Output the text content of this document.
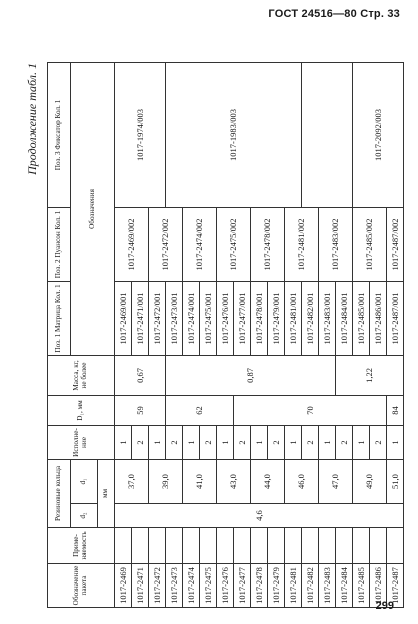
ГОСТ 24516—80 Стр. 33
Продолжение табл. 1
Обозначение пакета	Приме- няемость	Резиновые кольца		Исполне- ние	D₁, мм	Масса, кг, не более	Поз. 1 Матрица Кол. 1	Поз. 2 Пуансон Кол. 1	Поз. 3 Фиксатор Кол. 1	
		d₂	d₁				Обозначения			
		мм								
1017-2469		4,6	37,0	1	59	0,67	1017-2469/001	1017-2469/002	1017-1974/003	
1017-2471				2			1017-2471/001			
1017-2472			39,0	1			1017-2472/001	1017-2472/002		
1017-2473				2	62	0,87	1017-2473/001		1017-1983/003	
1017-2474			41,0	1			1017-2474/001	1017-2474/002		
1017-2475				2			1017-2475/001			
1017-2476			43,0	1			1017-2476/001	1017-2475/002		
1017-2477				2	70		1017-2477/001			
1017-2478			44,0	1			1017-2478/001	1017-2478/002		
1017-2479				2			1017-2479/001			
1017-2481			46,0	1			1017-2481/001	1017-2481/002	
1017-2482				2			1017-2482/001			
1017-2483			47,0	1			1017-2483/001	1017-2483/002		
1017-2484				2		1,22	1017-2484/001			
1017-2485			49,0	1			1017-2485/001	1017-2485/002	1017-2092/003	
1017-2486				2			1017-2486/001			
1017-2487			51,0	1	84		1017-2487/001	1017-2487/002		
299
